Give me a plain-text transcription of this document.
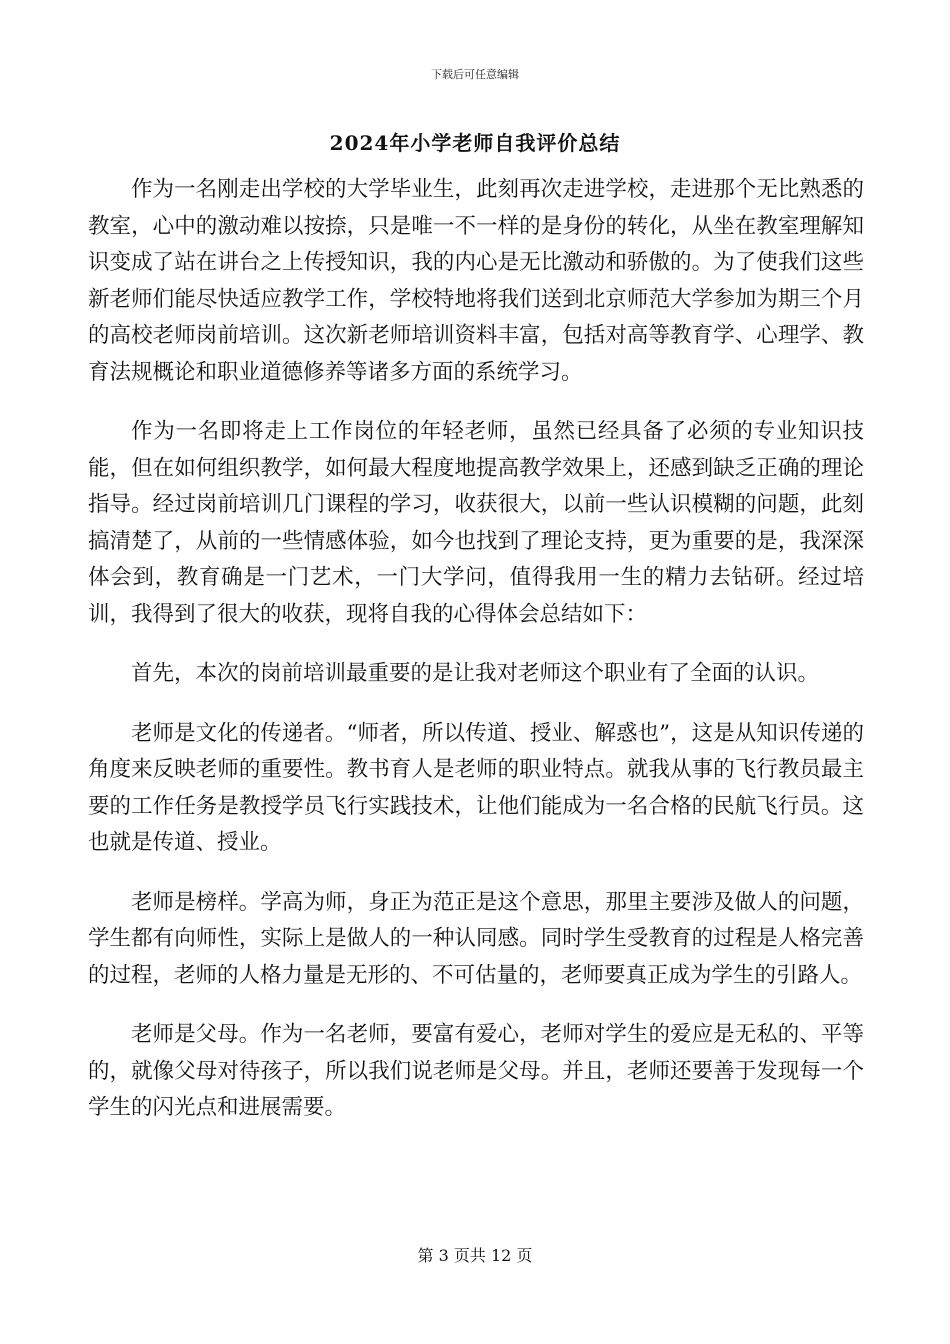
下载后可任意编辑
2024年小学老师自我评价总结

作为一名刚走出学校的大学毕业生，此刻再次走进学校，走进那个无比熟悉的教室，心中的激动难以按捺，只是唯一不一样的是身份的转化，从坐在教室理解知识变成了站在讲台之上传授知识，我的内心是无比激动和骄傲的。为了使我们这些新老师们能尽快适应教学工作，学校特地将我们送到北京师范大学参加为期三个月的高校老师岗前培训。这次新老师培训资料丰富，包括对高等教育学、心理学、教育法规概论和职业道德修养等诸多方面的系统学习。

作为一名即将走上工作岗位的年轻老师，虽然已经具备了必须的专业知识技能，但在如何组织教学，如何最大程度地提高教学效果上，还感到缺乏正确的理论指导。经过岗前培训几门课程的学习，收获很大，以前一些认识模糊的问题，此刻搞清楚了，从前的一些情感体验，如今也找到了理论支持，更为重要的是，我深深体会到，教育确是一门艺术，一门大学问，值得我用一生的精力去钻研。经过培训，我得到了很大的收获，现将自我的心得体会总结如下：

首先，本次的岗前培训最重要的是让我对老师这个职业有了全面的认识。

老师是文化的传递者。“师者，所以传道、授业、解惑也”，这是从知识传递的角度来反映老师的重要性。教书育人是老师的职业特点。就我从事的飞行教员最主要的工作任务是教授学员飞行实践技术，让他们能成为一名合格的民航飞行员。这也就是传道、授业。

老师是榜样。学高为师，身正为范正是这个意思，那里主要涉及做人的问题，学生都有向师性，实际上是做人的一种认同感。同时学生受教育的过程是人格完善的过程，老师的人格力量是无形的、不可估量的，老师要真正成为学生的引路人。

老师是父母。作为一名老师，要富有爱心，老师对学生的爱应是无私的、平等的，就像父母对待孩子，所以我们说老师是父母。并且，老师还要善于发现每一个学生的闪光点和进展需要。

第 3 页共 12 页
